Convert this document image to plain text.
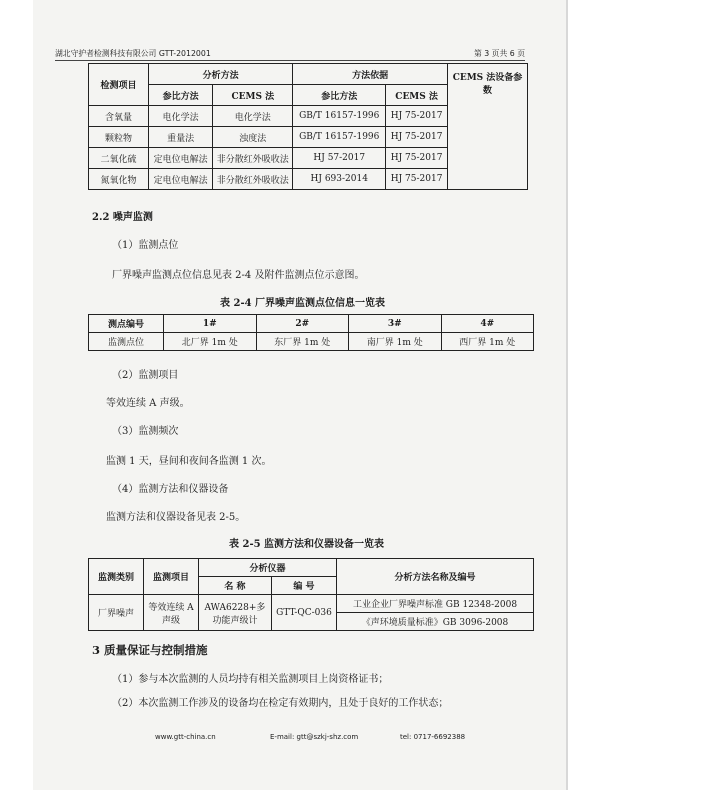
湖北守护者检测科技有限公司 GTT-2012001	第 3 页共 6 页
检测项目	分析方法		方法依据		CEMS 法设备参数
	参比方法	CEMS 法	参比方法	CEMS 法	
含氧量	电化学法	电化学法	GB/T 16157-1996	HJ 75-2017	
颗粒物	重量法	浊度法	GB/T 16157-1996	HJ 75-2017	
二氧化硫	定电位电解法	非分散红外吸收法	HJ 57-2017	HJ 75-2017	
氮氧化物	定电位电解法	非分散红外吸收法	HJ 693-2014	HJ 75-2017	
2.2 噪声监测
（1）监测点位
厂界噪声监测点位信息见表 2-4 及附件监测点位示意图。
表 2-4 厂界噪声监测点位信息一览表
测点编号	1#	2#	3#	4#
监测点位	北厂界 1m 处	东厂界 1m 处	南厂界 1m 处	西厂界 1m 处
（2）监测项目
等效连续 A 声级。
（3）监测频次
监测 1 天，昼间和夜间各监测 1 次。
（4）监测方法和仪器设备
监测方法和仪器设备见表 2-5。
表 2-5 监测方法和仪器设备一览表
监测类别	监测项目	分析仪器		分析方法名称及编号
		名 称	编 号	
厂界噪声	等效连续 A 声级	AWA6228+多功能声级计	GTT-QC-036	工业企业厂界噪声标准 GB 12348-2008
				《声环境质量标准》GB 3096-2008
3 质量保证与控制措施
（1）参与本次监测的人员均持有相关监测项目上岗资格证书；
（2）本次监测工作涉及的设备均在检定有效期内，且处于良好的工作状态；
www.gtt-china.cn	E-mail: gtt@szkj-shz.com	tel: 0717-6692388
